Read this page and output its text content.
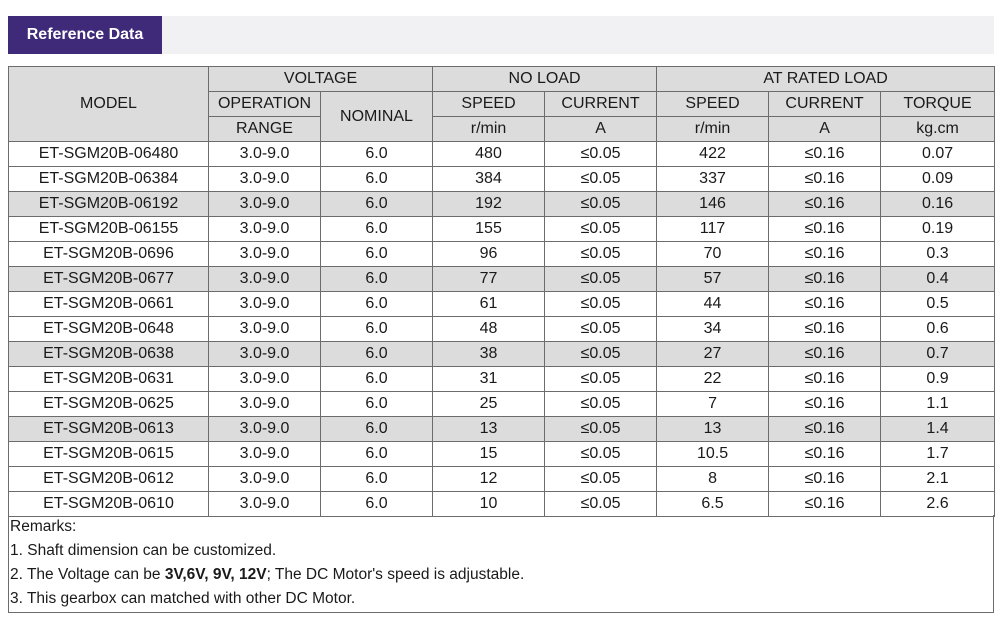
Reference Data
MODEL	VOLTAGE		NO LOAD		AT RATED LOAD		
	OPERATION	NOMINAL	SPEED	CURRENT	SPEED	CURRENT	TORQUE
	RANGE		r/min	A	r/min	A	kg.cm
ET-SGM20B-06480	3.0-9.0	6.0	480	≤0.05	422	≤0.16	0.07
ET-SGM20B-06384	3.0-9.0	6.0	384	≤0.05	337	≤0.16	0.09
ET-SGM20B-06192	3.0-9.0	6.0	192	≤0.05	146	≤0.16	0.16
ET-SGM20B-06155	3.0-9.0	6.0	155	≤0.05	117	≤0.16	0.19
ET-SGM20B-0696	3.0-9.0	6.0	96	≤0.05	70	≤0.16	0.3
ET-SGM20B-0677	3.0-9.0	6.0	77	≤0.05	57	≤0.16	0.4
ET-SGM20B-0661	3.0-9.0	6.0	61	≤0.05	44	≤0.16	0.5
ET-SGM20B-0648	3.0-9.0	6.0	48	≤0.05	34	≤0.16	0.6
ET-SGM20B-0638	3.0-9.0	6.0	38	≤0.05	27	≤0.16	0.7
ET-SGM20B-0631	3.0-9.0	6.0	31	≤0.05	22	≤0.16	0.9
ET-SGM20B-0625	3.0-9.0	6.0	25	≤0.05	7	≤0.16	1.1
ET-SGM20B-0613	3.0-9.0	6.0	13	≤0.05	13	≤0.16	1.4
ET-SGM20B-0615	3.0-9.0	6.0	15	≤0.05	10.5	≤0.16	1.7
ET-SGM20B-0612	3.0-9.0	6.0	12	≤0.05	8	≤0.16	2.1
ET-SGM20B-0610	3.0-9.0	6.0	10	≤0.05	6.5	≤0.16	2.6
Remarks:
1. Shaft dimension can be customized.
2. The Voltage can be 3V,6V, 9V, 12V; The DC Motor's speed is adjustable.
3. This gearbox can matched with other DC Motor.
